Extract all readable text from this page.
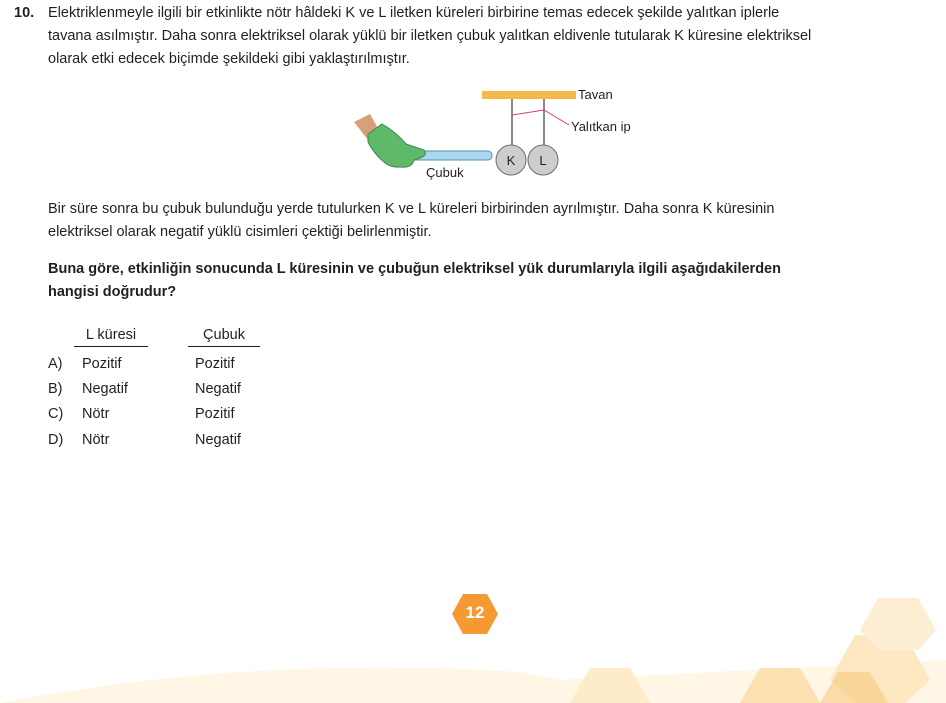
10. Elektriklenmeyle ilgili bir etkinlikte nötr hâldeki K ve L iletken küreleri birbirine temas edecek şekilde yalıtkan iplerle
tavana asılmıştır. Daha sonra elektriksel olarak yüklü bir iletken çubuk yalıtkan eldivenle tutularak K küresine elektriksel
olarak etki edecek biçimde şekildeki gibi yaklaştırılmıştır.

K L
Tavan
Yalıtkan ip
Çubuk

Bir süre sonra bu çubuk bulunduğu yerde tutulurken K ve L küreleri birbirinden ayrılmıştır. Daha sonra K küresinin
elektriksel olarak negatif yüklü cisimleri çektiği belirlenmiştir.

Buna göre, etkinliğin sonucunda L küresinin ve çubuğun elektriksel yük durumlarıyla ilgili aşağıdakilerden
hangisi doğrudur?

L küresi	Çubuk
A) Pozitif	Pozitif
B) Negatif	Negatif
C) Nötr	Pozitif
D) Nötr	Negatif
12
